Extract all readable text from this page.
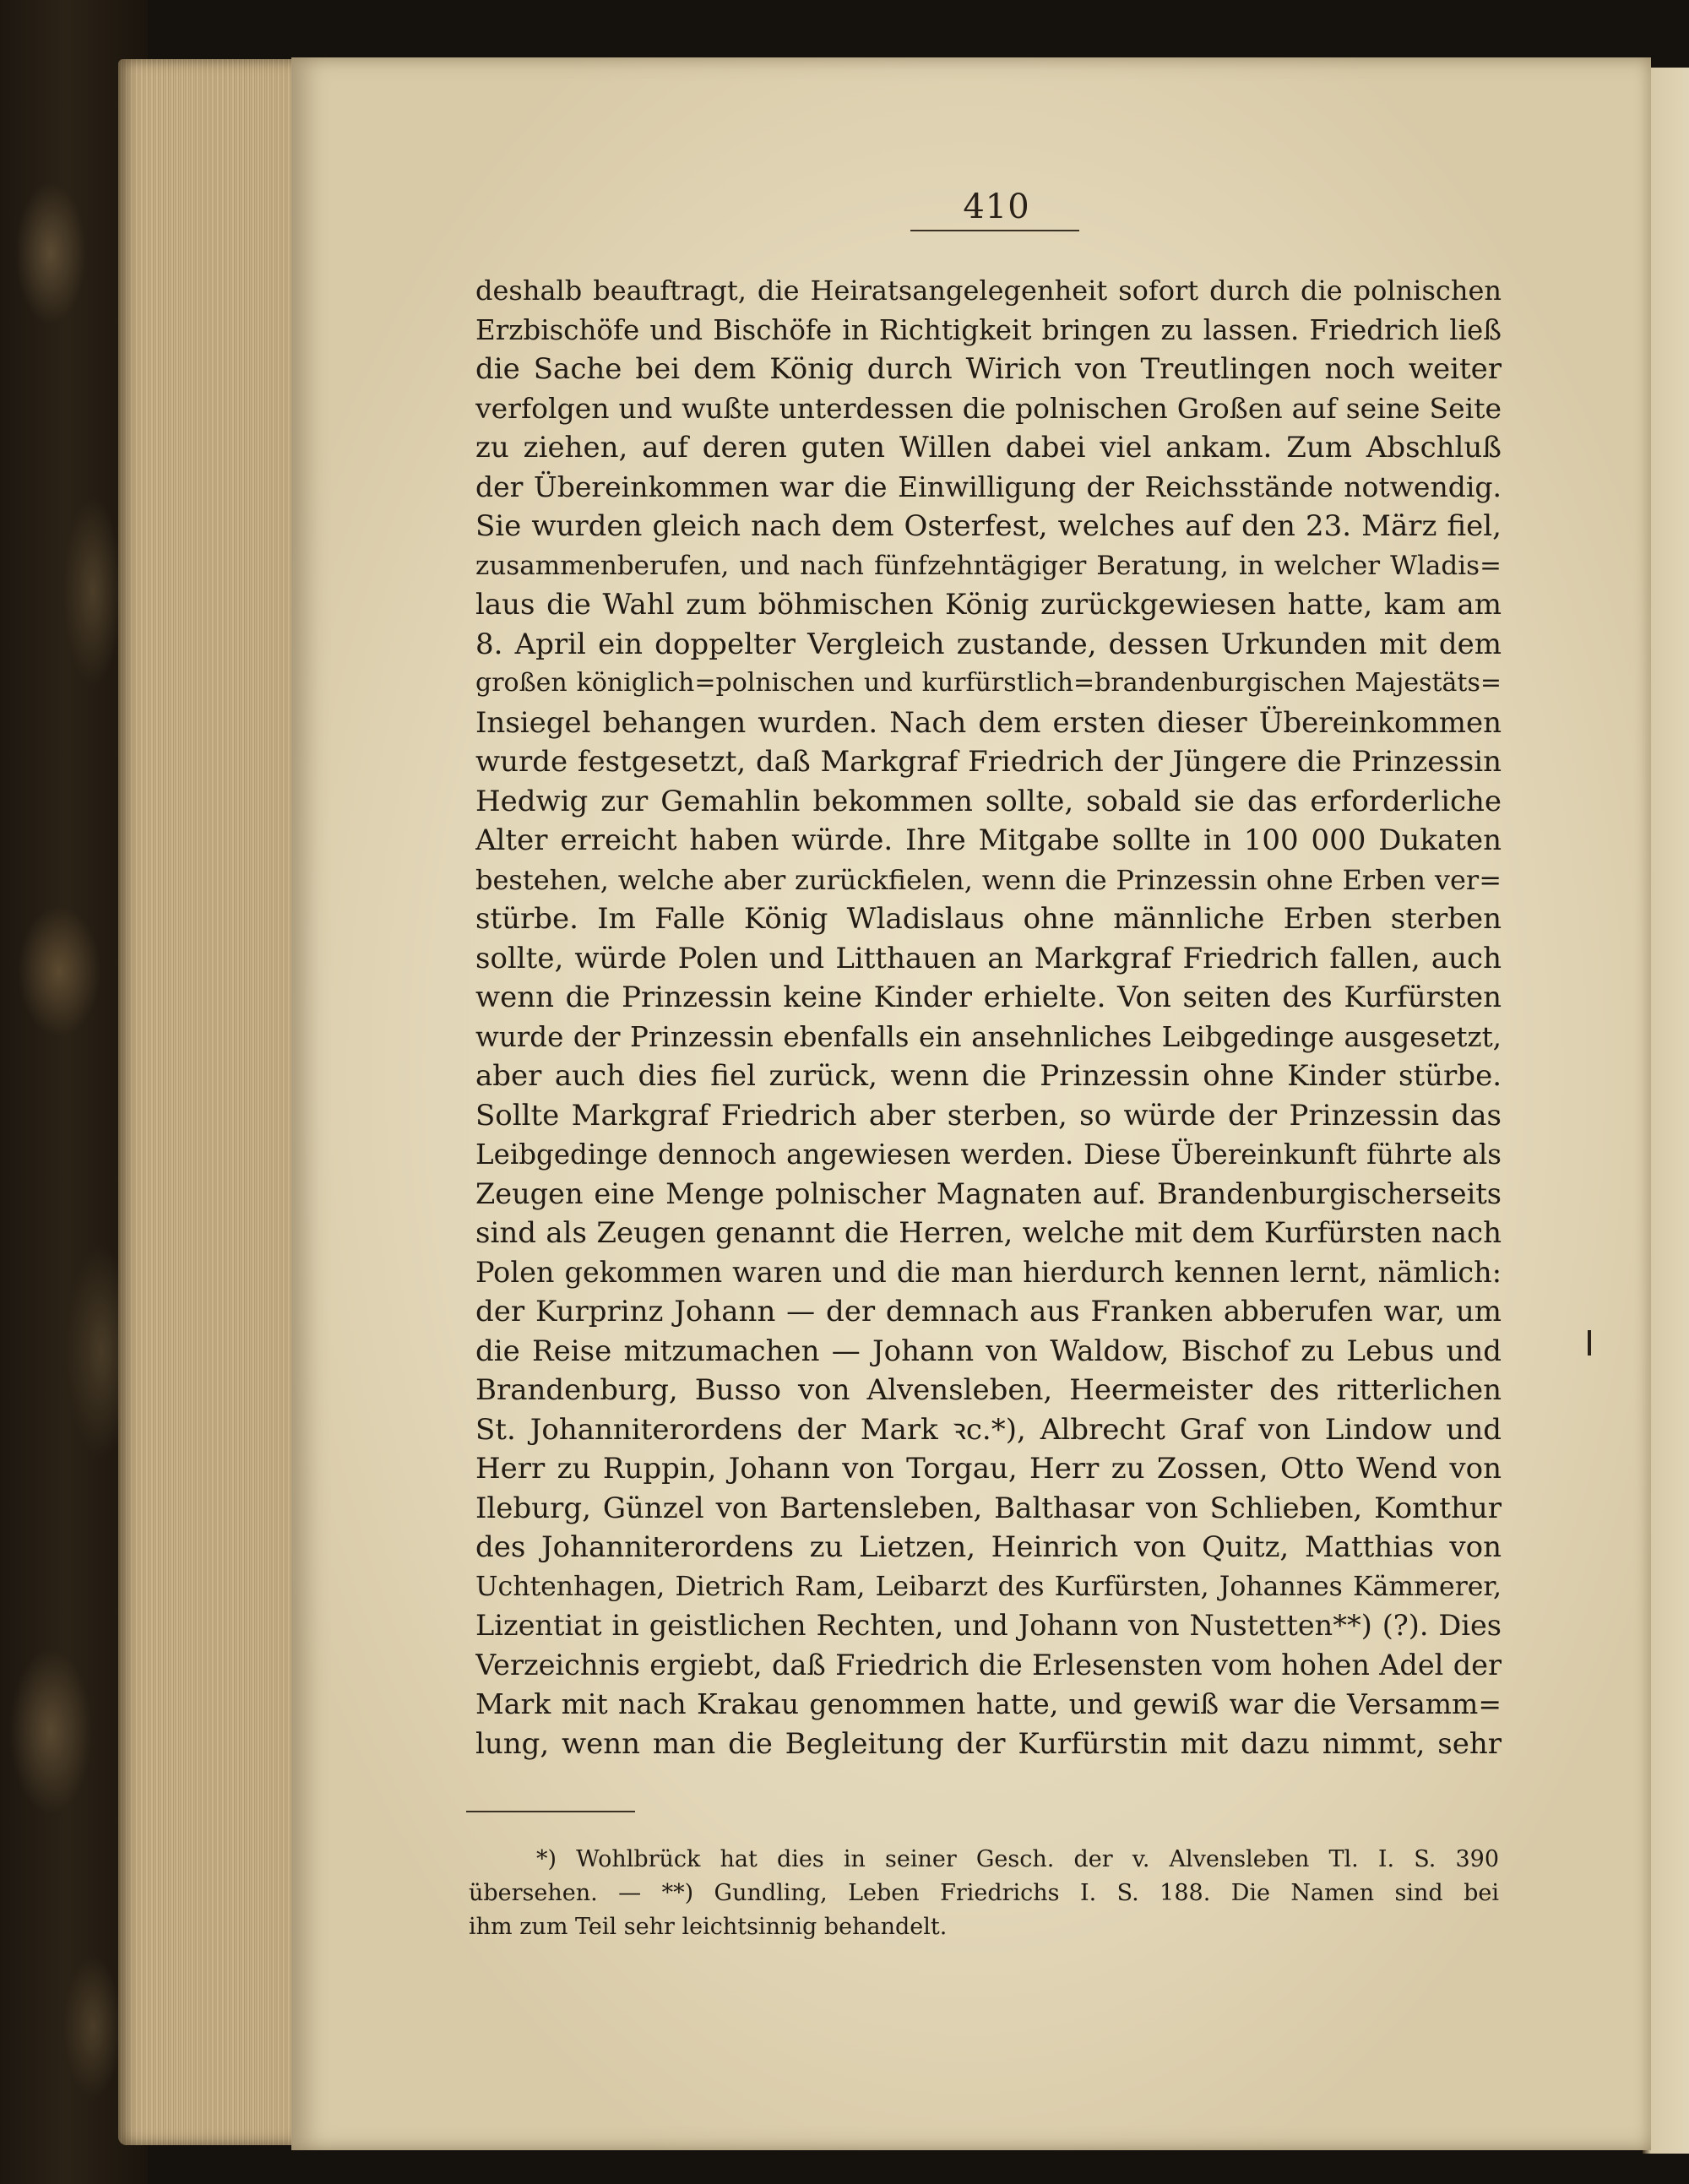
410
deshalb beauftragt, die Heiratsangelegenheit sofort durch die polnischen
Erzbischöfe und Bischöfe in Richtigkeit bringen zu lassen. Friedrich ließ
die Sache bei dem König durch Wirich von Treutlingen noch weiter
verfolgen und wußte unterdessen die polnischen Großen auf seine Seite
zu ziehen, auf deren guten Willen dabei viel ankam. Zum Abschluß
der Übereinkommen war die Einwilligung der Reichsstände notwendig.
Sie wurden gleich nach dem Osterfest, welches auf den 23. März fiel,
zusammenberufen, und nach fünfzehntägiger Beratung, in welcher Wladis=
laus die Wahl zum böhmischen König zurückgewiesen hatte, kam am
8. April ein doppelter Vergleich zustande, dessen Urkunden mit dem
großen königlich=polnischen und kurfürstlich=brandenburgischen Majestäts=
Insiegel behangen wurden. Nach dem ersten dieser Übereinkommen
wurde festgesetzt, daß Markgraf Friedrich der Jüngere die Prinzessin
Hedwig zur Gemahlin bekommen sollte, sobald sie das erforderliche
Alter erreicht haben würde. Ihre Mitgabe sollte in 100 000 Dukaten
bestehen, welche aber zurückfielen, wenn die Prinzessin ohne Erben ver=
stürbe. Im Falle König Wladislaus ohne männliche Erben sterben
sollte, würde Polen und Litthauen an Markgraf Friedrich fallen, auch
wenn die Prinzessin keine Kinder erhielte. Von seiten des Kurfürsten
wurde der Prinzessin ebenfalls ein ansehnliches Leibgedinge ausgesetzt,
aber auch dies fiel zurück, wenn die Prinzessin ohne Kinder stürbe.
Sollte Markgraf Friedrich aber sterben, so würde der Prinzessin das
Leibgedinge dennoch angewiesen werden. Diese Übereinkunft führte als
Zeugen eine Menge polnischer Magnaten auf. Brandenburgischerseits
sind als Zeugen genannt die Herren, welche mit dem Kurfürsten nach
Polen gekommen waren und die man hierdurch kennen lernt, nämlich:
der Kurprinz Johann — der demnach aus Franken abberufen war, um
die Reise mitzumachen — Johann von Waldow, Bischof zu Lebus und
Brandenburg, Busso von Alvensleben, Heermeister des ritterlichen
St. Johanniterordens der Mark ꝛc.*), Albrecht Graf von Lindow und
Herr zu Ruppin, Johann von Torgau, Herr zu Zossen, Otto Wend von
Ileburg, Günzel von Bartensleben, Balthasar von Schlieben, Komthur
des Johanniterordens zu Lietzen, Heinrich von Quitz, Matthias von
Uchtenhagen, Dietrich Ram, Leibarzt des Kurfürsten, Johannes Kämmerer,
Lizentiat in geistlichen Rechten, und Johann von Nustetten**) (?). Dies
Verzeichnis ergiebt, daß Friedrich die Erlesensten vom hohen Adel der
Mark mit nach Krakau genommen hatte, und gewiß war die Versamm=
lung, wenn man die Begleitung der Kurfürstin mit dazu nimmt, sehr
*) Wohlbrück hat dies in seiner Gesch. der v. Alvensleben Tl. I. S. 390
übersehen. — **) Gundling, Leben Friedrichs I. S. 188. Die Namen sind bei
ihm zum Teil sehr leichtsinnig behandelt.
